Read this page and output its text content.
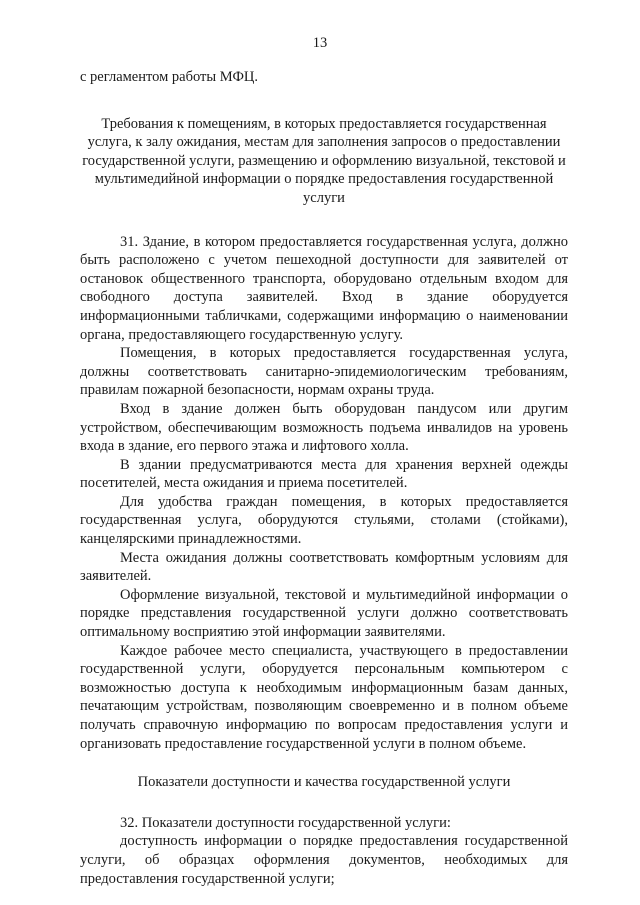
13

с регламентом работы МФЦ.

Требования к помещениям, в которых предоставляется государственная услуга, к залу ожидания, местам для заполнения запросов о предоставлении государственной услуги, размещению и оформлению визуальной, текстовой и мультимедийной информации о порядке предоставления государственной услуги

31. Здание, в котором предоставляется государственная услуга, должно быть расположено с учетом пешеходной доступности для заявителей от остановок общественного транспорта, оборудовано отдельным входом для свободного доступа заявителей. Вход в здание оборудуется информационными табличками, содержащими информацию о наименовании органа, предоставляющего государственную услугу.

Помещения, в которых предоставляется государственная услуга, должны соответствовать санитарно-эпидемиологическим требованиям, правилам пожарной безопасности, нормам охраны труда.

Вход в здание должен быть оборудован пандусом или другим устройством, обеспечивающим возможность подъема инвалидов на уровень входа в здание, его первого этажа и лифтового холла.

В здании предусматриваются места для хранения верхней одежды посетителей, места ожидания и приема посетителей.

Для удобства граждан помещения, в которых предоставляется государственная услуга, оборудуются стульями, столами (стойками), канцелярскими принадлежностями.

Места ожидания должны соответствовать комфортным условиям для заявителей.

Оформление визуальной, текстовой и мультимедийной информации о порядке представления государственной услуги должно соответствовать оптимальному восприятию этой информации заявителями.

Каждое рабочее место специалиста, участвующего в предоставлении государственной услуги, оборудуется персональным компьютером с возможностью доступа к необходимым информационным базам данных, печатающим устройствам, позволяющим своевременно и в полном объеме получать справочную информацию по вопросам предоставления услуги и организовать предоставление государственной услуги в полном объеме.

Показатели доступности и качества государственной услуги

32. Показатели доступности государственной услуги:

доступность информации о порядке предоставления государственной услуги, об образцах оформления документов, необходимых для предоставления государственной услуги;
